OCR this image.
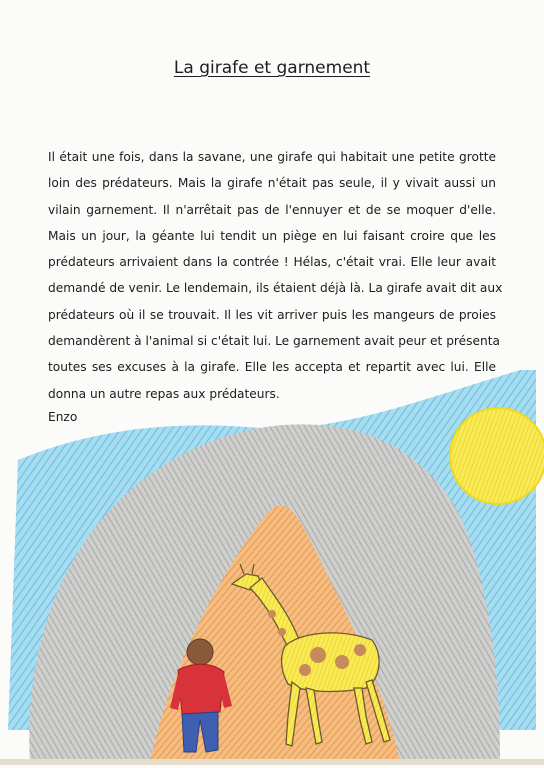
La girafe et garnement
Il était une fois, dans la savane, une girafe qui habitait une petite grotte
loin des prédateurs. Mais la girafe n'était pas seule, il y vivait aussi un
vilain garnement. Il n'arrêtait pas de l'ennuyer et de se moquer d'elle.
Mais un jour, la géante lui tendit un piège en lui faisant croire que les
prédateurs arrivaient dans la contrée ! Hélas, c'était vrai. Elle leur avait
demandé de venir. Le lendemain, ils étaient déjà là. La girafe avait dit aux
prédateurs où il se trouvait. Il les vit arriver puis les mangeurs de proies
demandèrent à l'animal si c'était lui. Le garnement avait peur et présenta
toutes ses excuses à la girafe. Elle les accepta et repartit avec lui. Elle
donna un autre repas aux prédateurs.
Enzo
